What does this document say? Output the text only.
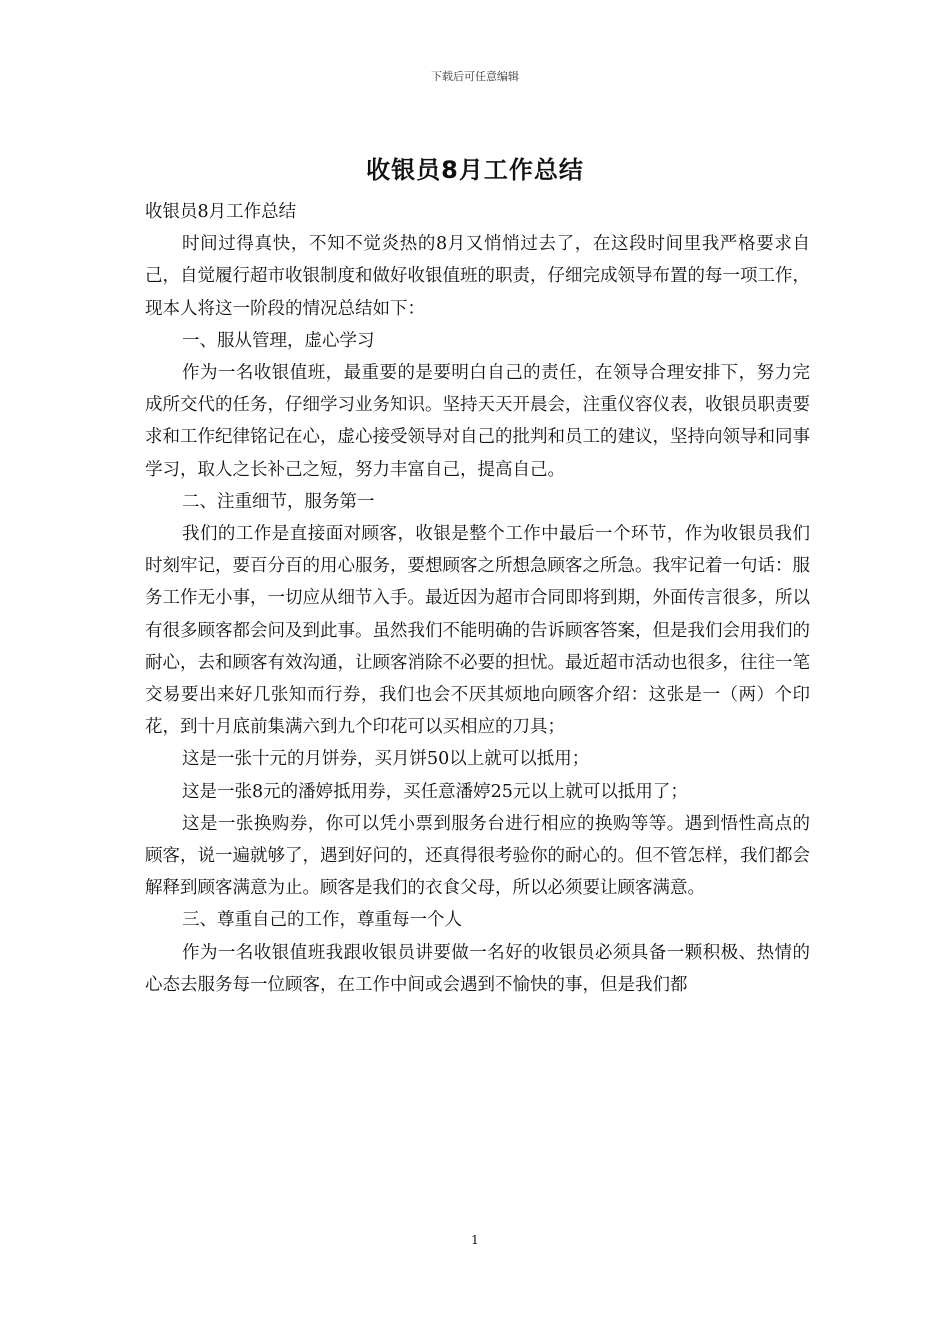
下载后可任意编辑
收银员8月工作总结

收银员8月工作总结

时间过得真快，不知不觉炎热的8月又悄悄过去了，在这段时间里我严格要求自己，自觉履行超市收银制度和做好收银值班的职责，仔细完成领导布置的每一项工作，现本人将这一阶段的情况总结如下：

一、服从管理，虚心学习

作为一名收银值班，最重要的是要明白自己的责任，在领导合理安排下，努力完成所交代的任务，仔细学习业务知识。坚持天天开晨会，注重仪容仪表，收银员职责要求和工作纪律铭记在心，虚心接受领导对自己的批判和员工的建议，坚持向领导和同事学习，取人之长补己之短，努力丰富自己，提高自己。

二、注重细节，服务第一

我们的工作是直接面对顾客，收银是整个工作中最后一个环节，作为收银员我们时刻牢记，要百分百的用心服务，要想顾客之所想急顾客之所急。我牢记着一句话：服务工作无小事，一切应从细节入手。最近因为超市合同即将到期，外面传言很多，所以有很多顾客都会问及到此事。虽然我们不能明确的告诉顾客答案，但是我们会用我们的耐心，去和顾客有效沟通，让顾客消除不必要的担忧。最近超市活动也很多，往往一笔交易要出来好几张知而行券，我们也会不厌其烦地向顾客介绍：这张是一（两）个印花，到十月底前集满六到九个印花可以买相应的刀具；

这是一张十元的月饼券，买月饼50以上就可以抵用；

这是一张8元的潘婷抵用券，买任意潘婷25元以上就可以抵用了；

这是一张换购券，你可以凭小票到服务台进行相应的换购等等。遇到悟性高点的顾客，说一遍就够了，遇到好问的，还真得很考验你的耐心的。但不管怎样，我们都会解释到顾客满意为止。顾客是我们的衣食父母，所以必须要让顾客满意。

三、尊重自己的工作，尊重每一个人

作为一名收银值班我跟收银员讲要做一名好的收银员必须具备一颗积极、热情的心态去服务每一位顾客，在工作中间或会遇到不愉快的事，但是我们都

1
